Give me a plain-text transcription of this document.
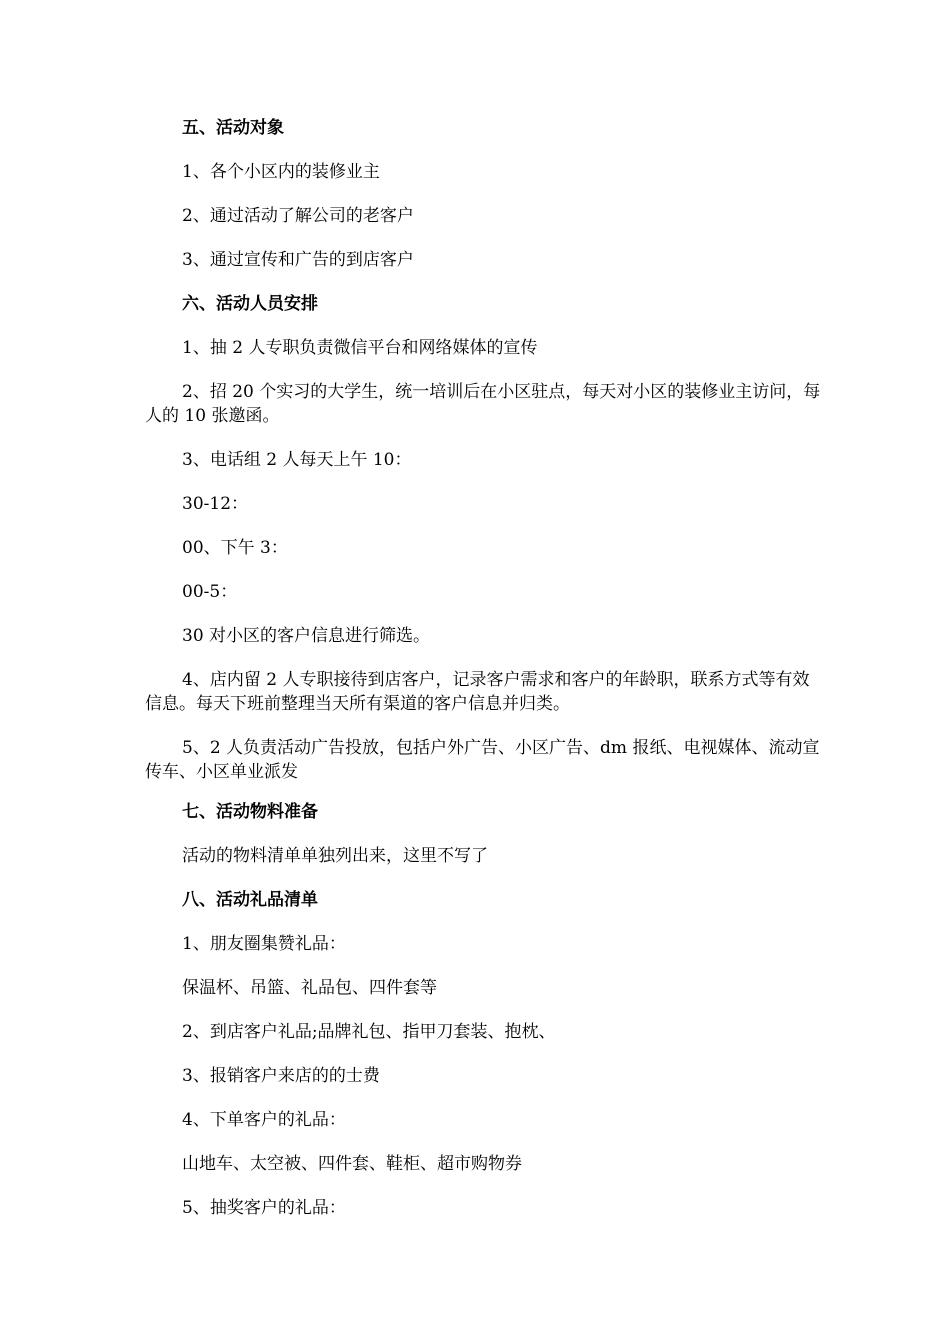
五、活动对象
1、各个小区内的装修业主
2、通过活动了解公司的老客户
3、通过宣传和广告的到店客户
六、活动人员安排
1、抽 2 人专职负责微信平台和网络媒体的宣传
2、招 20 个实习的大学生，统一培训后在小区驻点，每天对小区的装修业主访问，每人的 10 张邀函。
3、电话组 2 人每天上午 10：
30-12：
00、下午 3：
00-5：
30 对小区的客户信息进行筛选。
4、店内留 2 人专职接待到店客户，记录客户需求和客户的年龄职，联系方式等有效信息。每天下班前整理当天所有渠道的客户信息并归类。
5、2 人负责活动广告投放，包括户外广告、小区广告、dm 报纸、电视媒体、流动宣传车、小区单业派发
七、活动物料准备
活动的物料清单单独列出来，这里不写了
八、活动礼品清单
1、朋友圈集赞礼品：
保温杯、吊篮、礼品包、四件套等
2、到店客户礼品;品牌礼包、指甲刀套装、抱枕、
3、报销客户来店的的士费
4、下单客户的礼品：
山地车、太空被、四件套、鞋柜、超市购物券
5、抽奖客户的礼品：
